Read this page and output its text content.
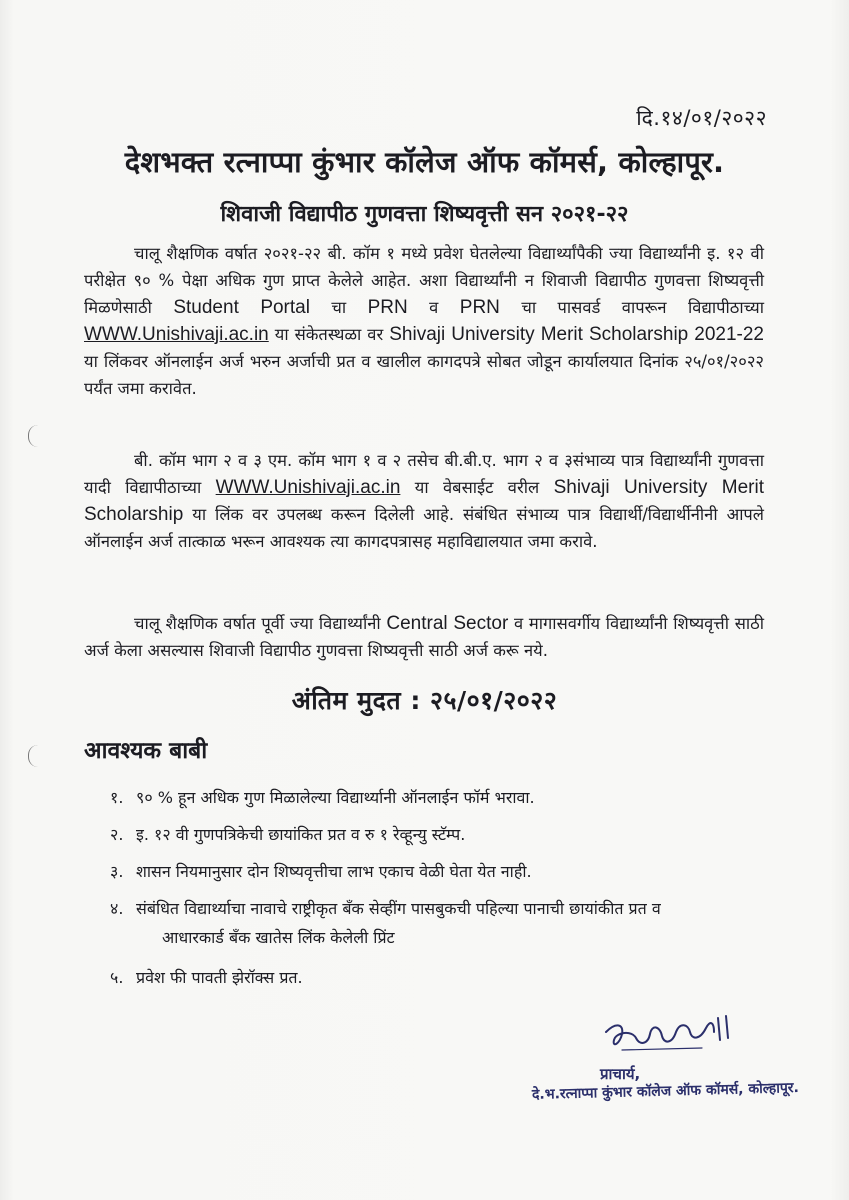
दि.१४/०१/२०२२
देशभक्त रत्नाप्पा कुंभार कॉलेज ऑफ कॉमर्स, कोल्हापूर.
शिवाजी विद्यापीठ गुणवत्ता शिष्यवृत्ती सन २०२१-२२

चालू शैक्षणिक वर्षात २०२१-२२ बी. कॉम १ मध्ये प्रवेश घेतलेल्या विद्यार्थ्यांपैकी ज्या विद्यार्थ्यांनी इ. १२ वी परीक्षेत ९० % पेक्षा अधिक गुण प्राप्त केलेले आहेत. अशा विद्यार्थ्यांनी न शिवाजी विद्यापीठ गुणवत्ता शिष्यवृत्ती मिळणेसाठी Student Portal चा PRN व PRN चा पासवर्ड वापरून विद्यापीठाच्या WWW.Unishivaji.ac.in या संकेतस्थळा वर Shivaji University Merit Scholarship 2021-22 या लिंकवर ऑनलाईन अर्ज भरुन अर्जाची प्रत व खालील कागदपत्रे सोबत जोडून कार्यालयात दिनांक २५/०१/२०२२ पर्यंत जमा करावेत.

बी. कॉम भाग २ व ३ एम. कॉम भाग १ व २ तसेच बी.बी.ए. भाग २ व ३संभाव्य पात्र विद्यार्थ्यांनी गुणवत्ता यादी विद्यापीठाच्या WWW.Unishivaji.ac.in या वेबसाईट वरील Shivaji University Merit Scholarship या लिंक वर उपलब्ध करून दिलेली आहे. संबंधित संभाव्य पात्र विद्यार्थी/विद्यार्थीनीनी आपले ऑनलाईन अर्ज तात्काळ भरून आवश्यक त्या कागदपत्रासह महाविद्यालयात जमा करावे.

चालू शैक्षणिक वर्षात पूर्वी ज्या विद्यार्थ्यांनी Central Sector व मागासवर्गीय विद्यार्थ्यांनी शिष्यवृत्ती साठी अर्ज केला असल्यास शिवाजी विद्यापीठ गुणवत्ता शिष्यवृत्ती साठी अर्ज करू नये.

अंतिम मुदत : २५/०१/२०२२
आवश्यक बाबी
१. ९० % हून अधिक गुण मिळालेल्या विद्यार्थ्यानी ऑनलाईन फॉर्म भरावा.
२. इ. १२ वी गुणपत्रिकेची छायांकित प्रत व रु १ रेव्हून्यु स्टॅम्प.
३. शासन नियमानुसार दोन शिष्यवृत्तीचा लाभ एकाच वेळी घेता येत नाही.
४. संबंधित विद्यार्थ्याचा नावाचे राष्ट्रीकृत बँक सेव्हींग पासबुकची पहिल्या पानाची छायांकीत प्रत व
आधारकार्ड बँक खातेस लिंक केलेली प्रिंट
५. प्रवेश फी पावती झेरॉक्स प्रत.
प्राचार्य,
दे.भ.रत्नाप्पा कुंभार कॉलेज ऑफ कॉमर्स, कोल्हापूर.
